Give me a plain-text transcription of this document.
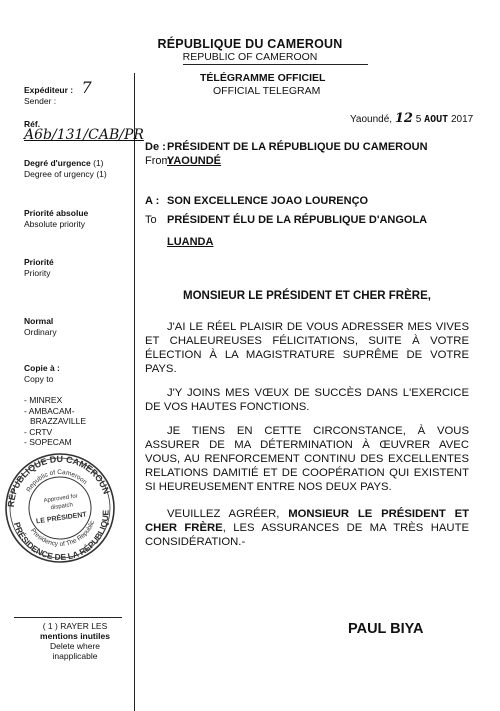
RÉPUBLIQUE DU CAMEROUN
REPUBLIC OF CAMEROON
TÉLÉGRAMME OFFICIEL
OFFICIAL TELEGRAM
Expéditeur : 7
Sender :
Réf. A6b/131/CAB/PR
Degré d'urgence (1)
Degree of urgency (1)
Priorité absolue
Absolute priority
Priorité
Priority
Normal
Ordinary
Copie à :
Copy to
- MINREX
- AMBACAM-
BRAZZAVILLE
- CRTV
- SOPECAM
RÉPUBLIQUE DU CAMEROUN
PRÉSIDENCE DE LA RÉPUBLIQUE
Republic of Cameroon
Presidency of The Republic
LE PRÉSIDENT
Approved for
dispatch
( 1 ) RAYER LES
mentions inutiles
Delete where
inapplicable
Yaoundé, 12 5 AOUT 2017
De :
From
PRÉSIDENT DE LA RÉPUBLIQUE DU CAMEROUN
YAOUNDÉ
A :
To
SON EXCELLENCE JOAO LOURENÇO
PRÉSIDENT ÉLU DE LA RÉPUBLIQUE D'ANGOLA
LUANDA
MONSIEUR LE PRÉSIDENT ET CHER FRÈRE,
J'AI LE RÉEL PLAISIR DE VOUS ADRESSER MES VIVES ET CHALEUREUSES FÉLICITATIONS, SUITE À VOTRE ÉLECTION À LA MAGISTRATURE SUPRÊME DE VOTRE PAYS.
J'Y JOINS MES VŒUX DE SUCCÈS DANS L'EXERCICE DE VOS HAUTES FONCTIONS.
JE TIENS EN CETTE CIRCONSTANCE, À VOUS ASSURER DE MA DÉTERMINATION À ŒUVRER AVEC VOUS, AU RENFORCEMENT CONTINU DES EXCELLENTES RELATIONS DAMITIÉ ET DE COOPÉRATION QUI EXISTENT SI HEUREUSEMENT ENTRE NOS DEUX PAYS.
VEUILLEZ AGRÉER, MONSIEUR LE PRÉSIDENT ET CHER FRÈRE, LES ASSURANCES DE MA TRÈS HAUTE CONSIDÉRATION.-
PAUL BIYA
